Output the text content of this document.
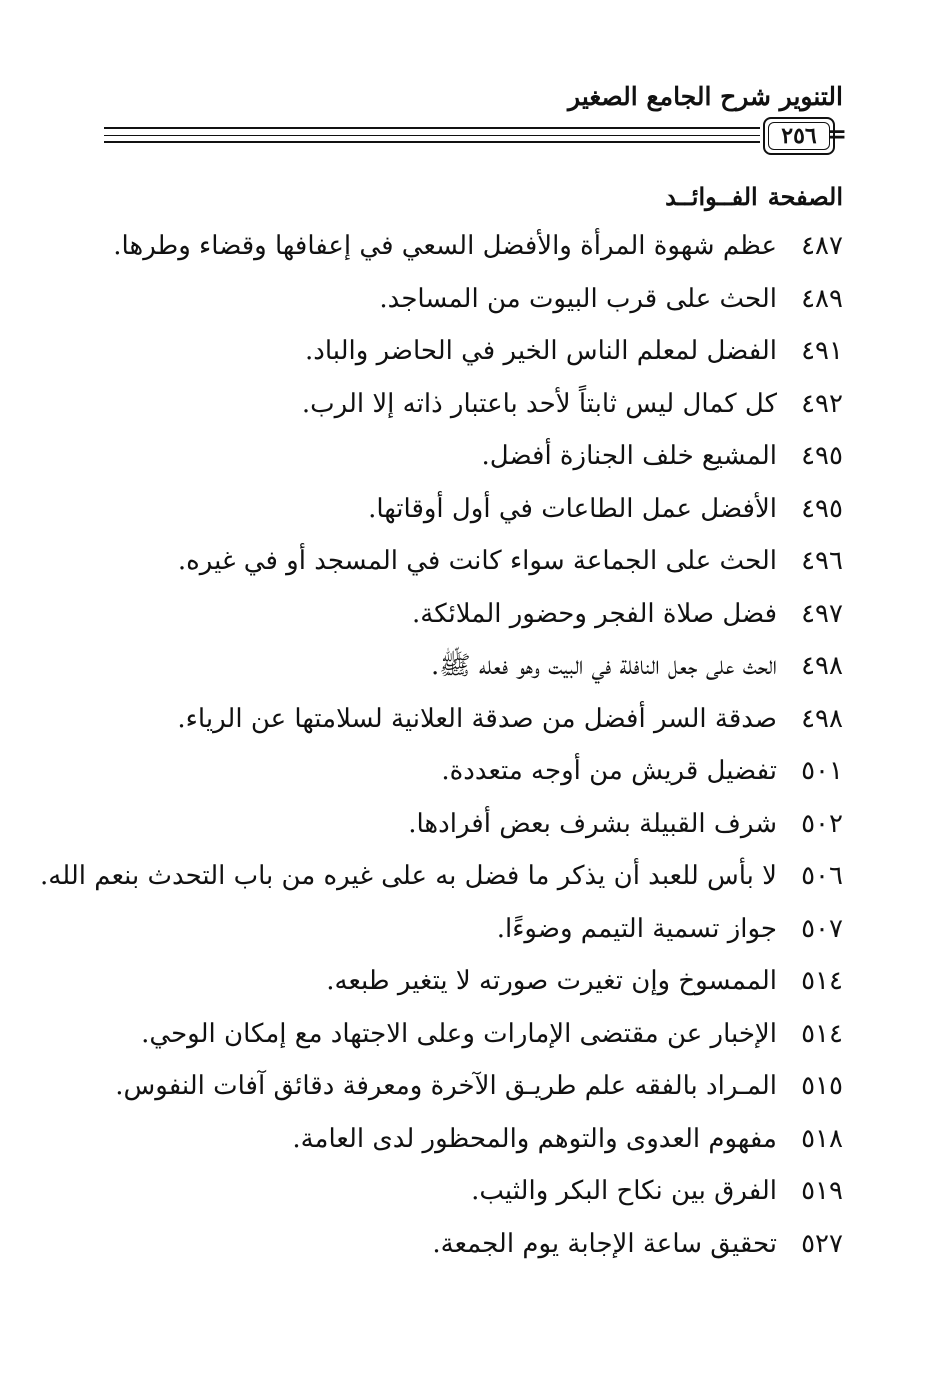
التنوير شرح الجامع الصغير
٢٥٦ =
الصفحة
الفــوائــد
٤٨٧
عظم شهوة المرأة والأفضل السعي في إعفافها وقضاء وطرها.
٤٨٩
الحث على قرب البيوت من المساجد.
٤٩١
الفضل لمعلم الناس الخير في الحاضر والباد.
٤٩٢
كل كمال ليس ثابتاً لأحد باعتبار ذاته إلا الرب.
٤٩٥
المشيع خلف الجنازة أفضل.
٤٩٥
الأفضل عمل الطاعات في أول أوقاتها.
٤٩٦
الحث على الجماعة سواء كانت في المسجد أو في غيره.
٤٩٧
فضل صلاة الفجر وحضور الملائكة.
٤٩٨
الحث على جعل النافلة في البيت وهو فعله ﷺ.
٤٩٨
صدقة السر أفضل من صدقة العلانية لسلامتها عن الرياء.
٥٠١
تفضيل قريش من أوجه متعددة.
٥٠٢
شرف القبيلة بشرف بعض أفرادها.
٥٠٦
لا بأس للعبد أن يذكر ما فضل به على غيره من باب التحدث بنعم الله.
٥٠٧
جواز تسمية التيمم وضوءًا.
٥١٤
الممسوخ وإن تغيرت صورته لا يتغير طبعه.
٥١٤
الإخبار عن مقتضى الإمارات وعلى الاجتهاد مع إمكان الوحي.
٥١٥
المـراد بالفقه علم طريـق الآخرة ومعرفة دقائق آفات النفوس.
٥١٨
مفهوم العدوى والتوهم والمحظور لدى العامة.
٥١٩
الفرق بين نكاح البكر والثيب.
٥٢٧
تحقيق ساعة الإجابة يوم الجمعة.
